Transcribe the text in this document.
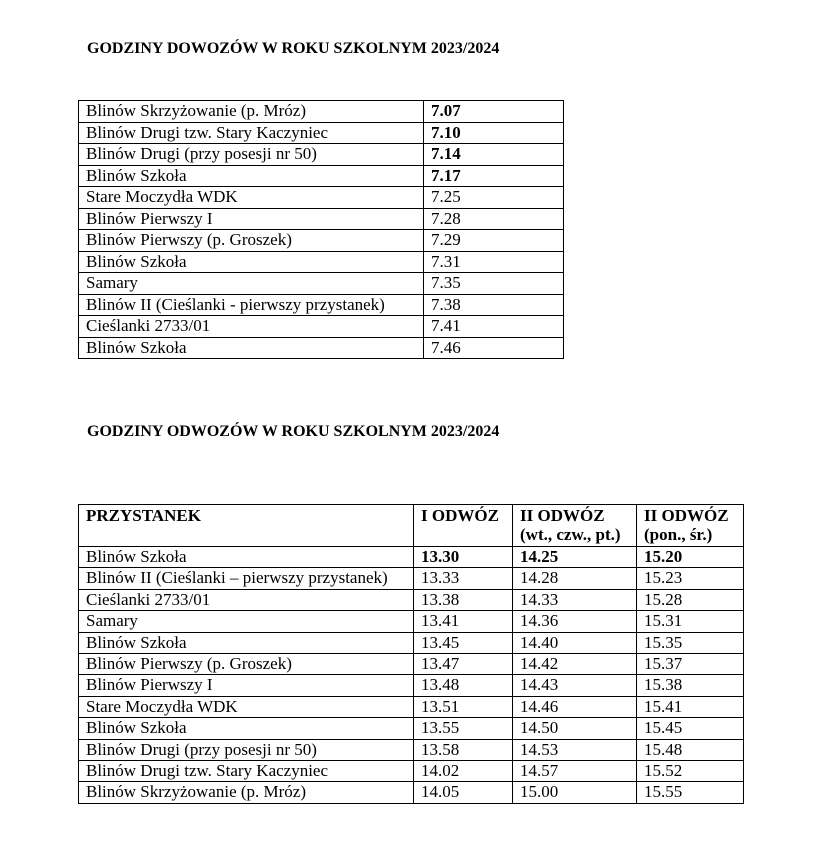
GODZINY DOWOZÓW W ROKU SZKOLNYM 2023/2024
Blinów Skrzyżowanie (p. Mróz)	7.07
Blinów Drugi tzw. Stary Kaczyniec	7.10
Blinów Drugi (przy posesji nr 50)	7.14
Blinów Szkoła	7.17
Stare Moczydła WDK	7.25
Blinów Pierwszy I	7.28
Blinów Pierwszy (p. Groszek)	7.29
Blinów Szkoła	7.31
Samary	7.35
Blinów II (Cieślanki - pierwszy przystanek)	7.38
Cieślanki 2733/01	7.41
Blinów Szkoła	7.46
GODZINY ODWOZÓW W ROKU SZKOLNYM 2023/2024
PRZYSTANEK	I ODWÓZ	II ODWÓZ (wt., czw., pt.)	II ODWÓZ (pon., śr.)
Blinów Szkoła	13.30	14.25	15.20
Blinów II (Cieślanki – pierwszy przystanek)	13.33	14.28	15.23
Cieślanki 2733/01	13.38	14.33	15.28
Samary	13.41	14.36	15.31
Blinów Szkoła	13.45	14.40	15.35
Blinów Pierwszy (p. Groszek)	13.47	14.42	15.37
Blinów Pierwszy I	13.48	14.43	15.38
Stare Moczydła WDK	13.51	14.46	15.41
Blinów Szkoła	13.55	14.50	15.45
Blinów Drugi (przy posesji nr 50)	13.58	14.53	15.48
Blinów Drugi tzw. Stary Kaczyniec	14.02	14.57	15.52
Blinów Skrzyżowanie (p. Mróz)	14.05	15.00	15.55
